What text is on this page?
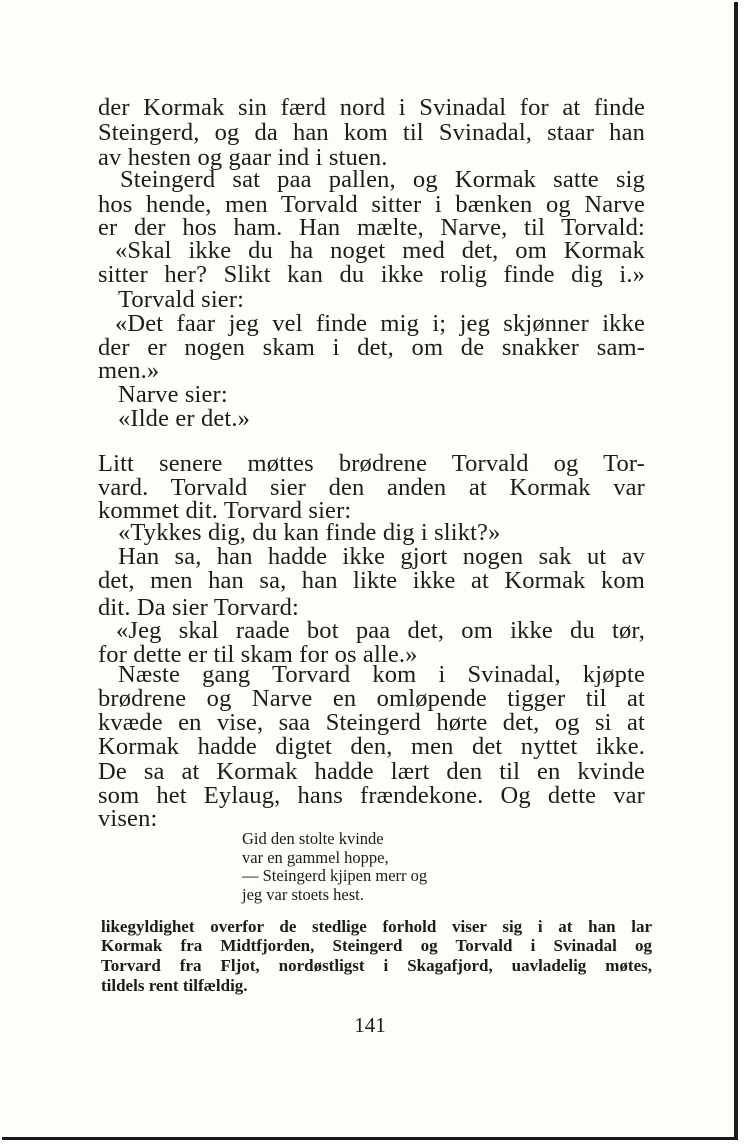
der Kormak sin færd nord i Svinadal for at finde
Steingerd, og da han kom til Svinadal, staar han
av hesten og gaar ind i stuen.
Steingerd sat paa pallen, og Kormak satte sig
hos hende, men Torvald sitter i bænken og Narve
er der hos ham. Han mælte, Narve, til Torvald:
«Skal ikke du ha noget med det, om Kormak
sitter her? Slikt kan du ikke rolig finde dig i.»
Torvald sier:
«Det faar jeg vel finde mig i; jeg skjønner ikke
der er nogen skam i det, om de snakker sam-
men.»
Narve sier:
«Ilde er det.»
Litt senere møttes brødrene Torvald og Tor-
vard. Torvald sier den anden at Kormak var
kommet dit. Torvard sier:
«Tykkes dig, du kan finde dig i slikt?»
Han sa, han hadde ikke gjort nogen sak ut av
det, men han sa, han likte ikke at Kormak kom
dit. Da sier Torvard:
«Jeg skal raade bot paa det, om ikke du tør,
for dette er til skam for os alle.»
Næste gang Torvard kom i Svinadal, kjøpte
brødrene og Narve en omløpende tigger til at
kvæde en vise, saa Steingerd hørte det, og si at
Kormak hadde digtet den, men det nyttet ikke.
De sa at Kormak hadde lært den til en kvinde
som het Eylaug, hans frændekone. Og dette var
visen:
Gid den stolte kvinde
var en gammel hoppe,
— Steingerd kjipen merr og
jeg var stoets hest.
likegyldighet overfor de stedlige forhold viser sig i at han lar
Kormak fra Midtfjorden, Steingerd og Torvald i Svinadal og
Torvard fra Fljot, nordøstligst i Skagafjord, uavladelig møtes,
tildels rent tilfældig.
141
